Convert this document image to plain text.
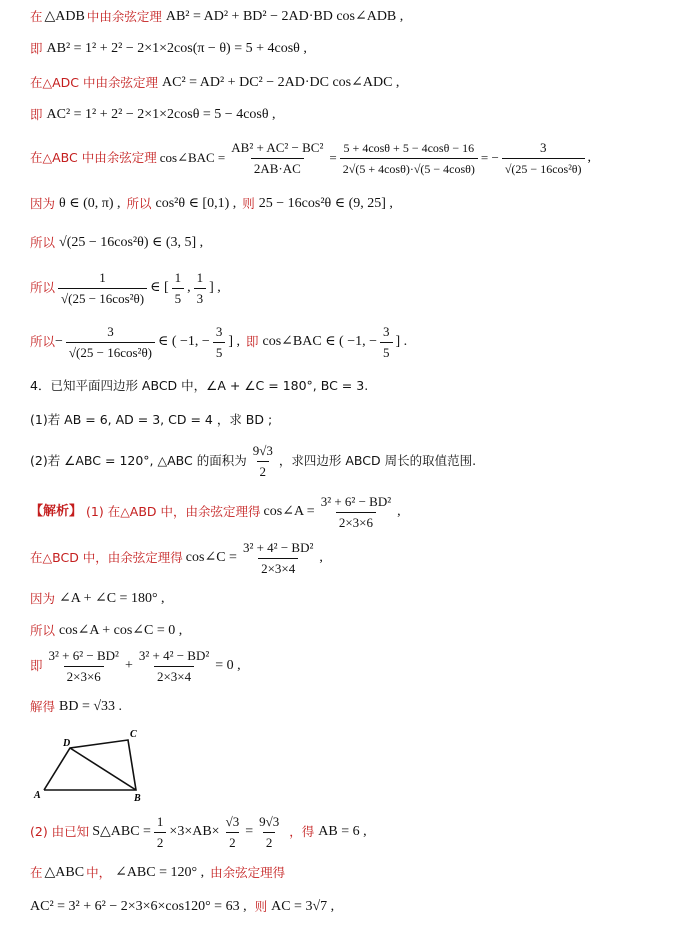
在 △ADB 中由余弦定理 AB² = AD² + BD² − 2AD·BD cos∠ADB ,
即 AB² = 1² + 2² − 2×1×2cos(π − θ) = 5 + 4cosθ ,
在△ADC 中由余弦定理 AC² = AD² + DC² − 2AD·DC cos∠ADC ,
即 AC² = 1² + 2² − 2×1×2cosθ = 5 − 4cosθ ,
在△ABC 中由余弦定理 cos∠BAC = $\frac{\text{AB² + AC² − BC²}}{2AB\cdot AC} = \frac{5 + 4\cos\theta + 5 - 4\cos\theta - 16}{2√(5 + 4\cos\theta)\cdot√(5 - 4\cos\theta)}$ = − $\frac{3}{\text{√(25 − 16cos²θ)}}$ ,
因为 θ ∈ (0, π) , 所以 cos²θ ∈ [0,1) , 则 25 − 16cos²θ ∈ (9, 25] ,
所以 √(25 − 16cos²θ) ∈ (3, 5] ,
所以 $\frac{1}{\text{√(25 − 16cos²θ)}}$ ∈ [ $\frac{1}{5}$ , $\frac{1}{3}$ ] ,
所以 − $\frac{3}{\text{√(25 − 16cos²θ)}}$ ∈ ( −1, − $\frac{3}{5}$ ] , 即 cos∠BAC ∈ ( −1, − $\frac{3}{5}$ ] .
4．已知平面四边形 ABCD 中，∠A + ∠C = 180°, BC = 3.
(1)若 AB = 6, AD = 3, CD = 4 ，求 BD ;
(2)若 ∠ABC = 120°, △ABC 的面积为 $\frac{9√3}{2}$ ，求四边形 ABCD 周长的取值范围.
【解析】 (1) 在△ABD 中，由余弦定理得 cos∠A = $\frac{\text{3² + 6² − BD²}}{2\times 3\times 6}$ ,
在△BCD 中，由余弦定理得 cos∠C = $\frac{\text{3² + 4² − BD²}}{2\times 3\times 4}$ ,
因为 ∠A + ∠C = 180° ,
所以 cos∠A + cos∠C = 0 ,
即 $\frac{\text{3² + 6² − BD²}}{2\times 3\times 6} + \frac{\text{3² + 4² − BD²}}{2\times 3\times 4} = 0$ ,
解得 BD = √33 .
A	B
C
D
(2) 由已知 S△ABC = $\frac{1}{2} \times 3\times AB\times \frac{√3}{2} = \frac{9√3}{2}$ ，得 AB = 6 ,
在 △ABC 中， ∠ABC = 120° , 由余弦定理得
AC² = 3² + 6² − 2×3×6×cos120° = 63 , 则 AC = 3√7 ,
